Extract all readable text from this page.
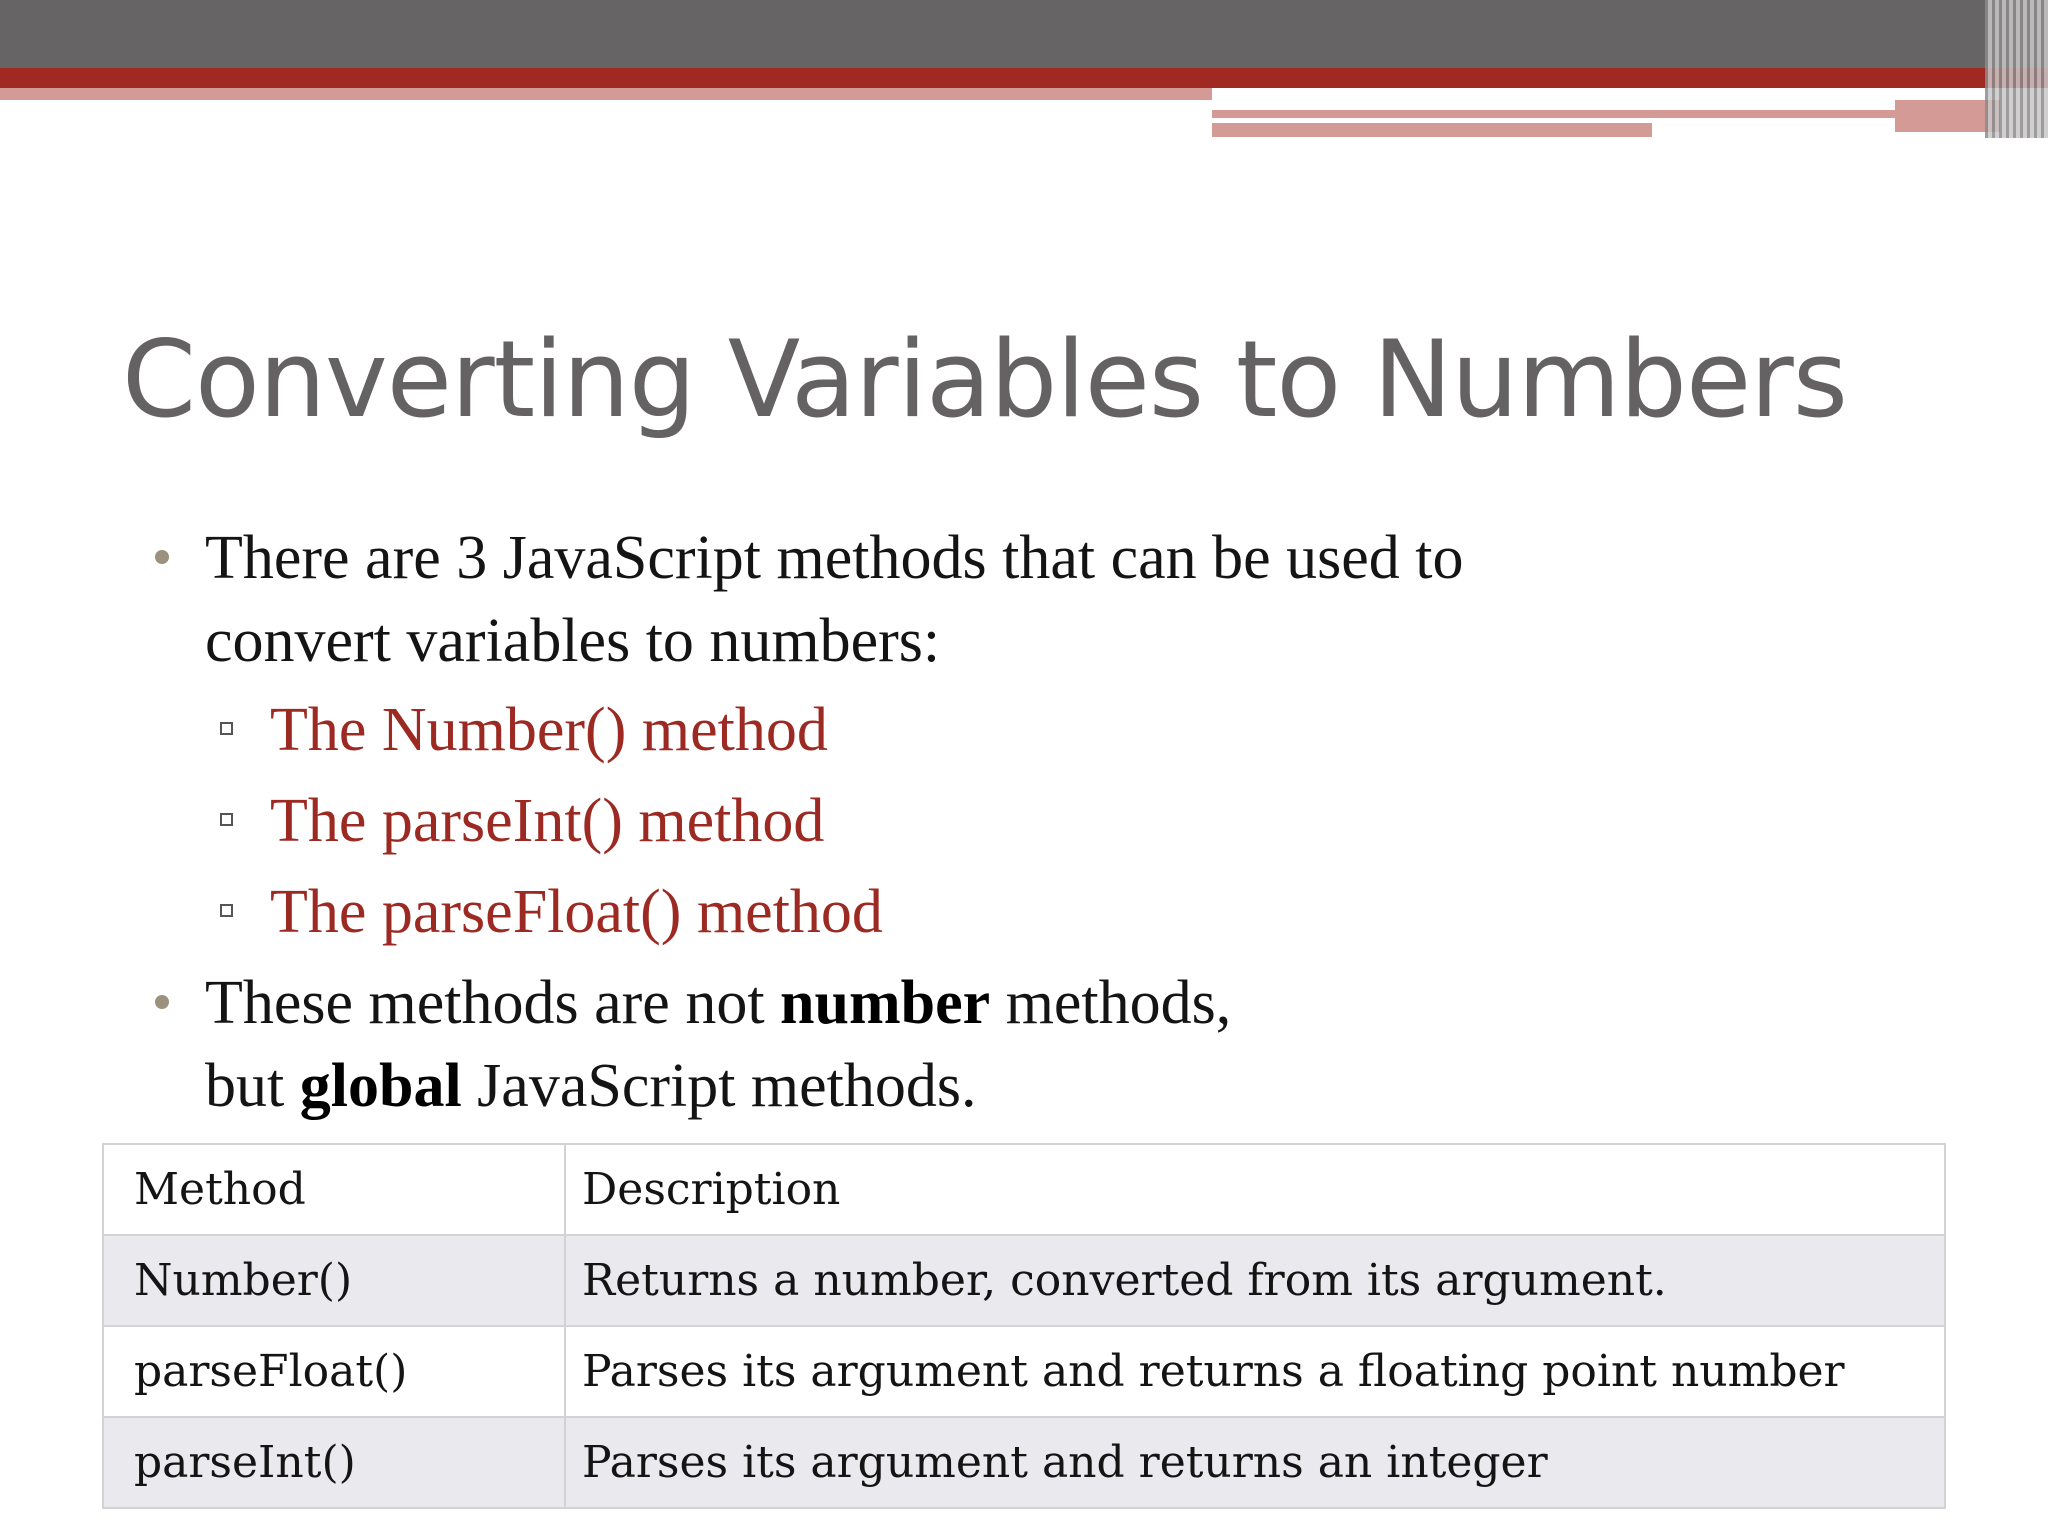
Converting Variables to Numbers
There are 3 JavaScript methods that can be used to
convert variables to numbers:
The Number() method
The parseInt() method
The parseFloat() method
These methods are not number methods,
but global JavaScript methods.
Method	Description
Number()	Returns a number, converted from its argument.
parseFloat()	Parses its argument and returns a floating point number
parseInt()	Parses its argument and returns an integer
